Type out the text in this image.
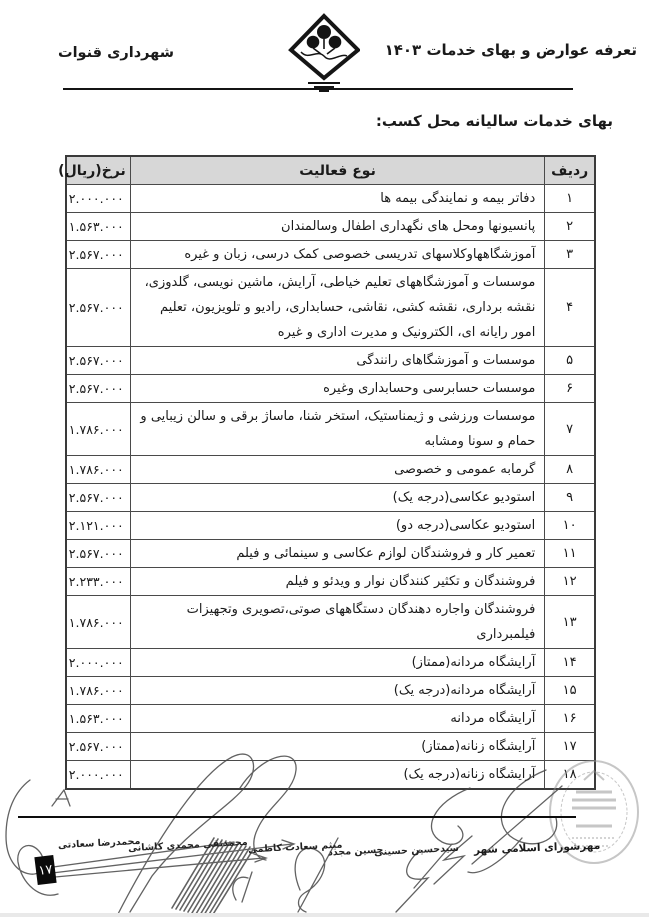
تعرفه عوارض و بهای خدمات ۱۴۰۳
شهرداری قنوات
بهای خدمات سالیانه محل کسب:
ردیف	نوع فعالیت	نرخ(ریال)
۱	دفاتر بیمه و نمایندگی بیمه ها	۲.۰۰۰.۰۰۰
۲	پانسیونها ومحل های نگهداری اطفال وسالمندان	۱.۵۶۳.۰۰۰
۳	آموزشگاههاوکلاسهای تدریسی خصوصی کمک درسی، زبان و غیره	۲.۵۶۷.۰۰۰
۴	موسسات و آموزشگاههای تعلیم خیاطی، آرایش، ماشین نویسی، گلدوزی، نقشه برداری، نقشه کشی، نقاشی، حسابداری، رادیو و تلویزیون، تعلیم امور رایانه ای، الکترونیک و مدیرت اداری و غیره	۲.۵۶۷.۰۰۰
۵	موسسات و آموزشگاهای رانندگی	۲.۵۶۷.۰۰۰
۶	موسسات حسابرسی وحسابداری وغیره	۲.۵۶۷.۰۰۰
۷	موسسات ورزشی و ژیمناستیک، استخر شنا، ماساژ برقی و سالن زیبایی و حمام و سونا ومشابه	۱.۷۸۶.۰۰۰
۸	گرمابه عمومی و خصوصی	۱.۷۸۶.۰۰۰
۹	استودیو عکاسی(درجه یک)	۲.۵۶۷.۰۰۰
۱۰	استودیو عکاسی(درجه دو)	۲.۱۲۱.۰۰۰
۱۱	تعمیر کار و فروشندگان لوازم عکاسی و سینمائی و فیلم	۲.۵۶۷.۰۰۰
۱۲	فروشندگان و تکثیر کنندگان نوار و ویدئو و فیلم	۲.۲۳۳.۰۰۰
۱۳	فروشندگان واجاره دهندگان دستگاههای صوتی،تصویری وتجهیزات فیلمبرداری	۱.۷۸۶.۰۰۰
۱۴	آرایشگاه مردانه(ممتاز)	۲.۰۰۰.۰۰۰
۱۵	آرایشگاه مردانه(درجه یک)	۱.۷۸۶.۰۰۰
۱۶	آرایشگاه مردانه	۱.۵۶۳.۰۰۰
۱۷	آرایشگاه زنانه(ممتاز)	۲.۵۶۷.۰۰۰
۱۸	آرایشگاه زنانه(درجه یک)	۲.۰۰۰.۰۰۰
مهرشورای اسلامی شهر
سیدحسین حسینی
حسین مجدد
میثم سعادت کاظمی
محمدتقی محمدی کاشانی
محمدرضا سعادتی
۱۷
